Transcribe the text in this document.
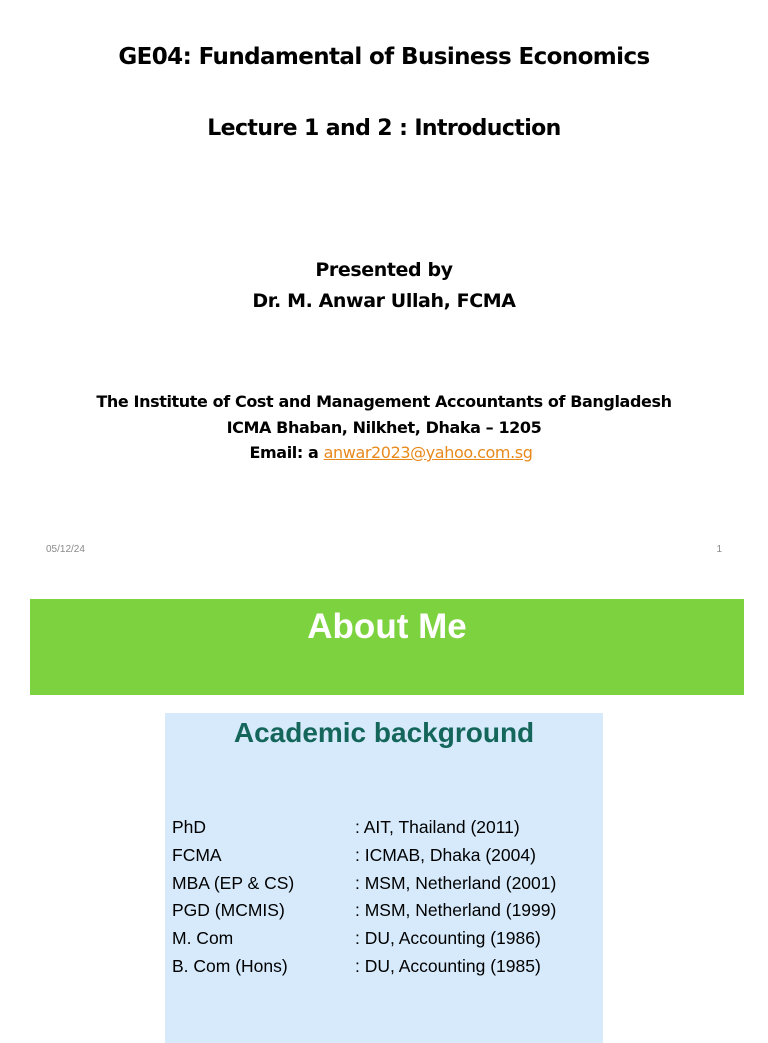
GE04: Fundamental of Business Economics
Lecture 1 and 2 : Introduction
Presented by
Dr. M. Anwar Ullah, FCMA
The Institute of Cost and Management Accountants of Bangladesh
ICMA Bhaban, Nilkhet, Dhaka – 1205
Email: a anwar2023@yahoo.com.sg
05/12/24	1
About Me
Academic background
PhD	: AIT, Thailand (2011)
FCMA	: ICMAB, Dhaka (2004)
MBA (EP & CS)	: MSM, Netherland (2001)
PGD (MCMIS)	: MSM, Netherland (1999)
M. Com	: DU, Accounting (1986)
B. Com (Hons)	: DU, Accounting (1985)
